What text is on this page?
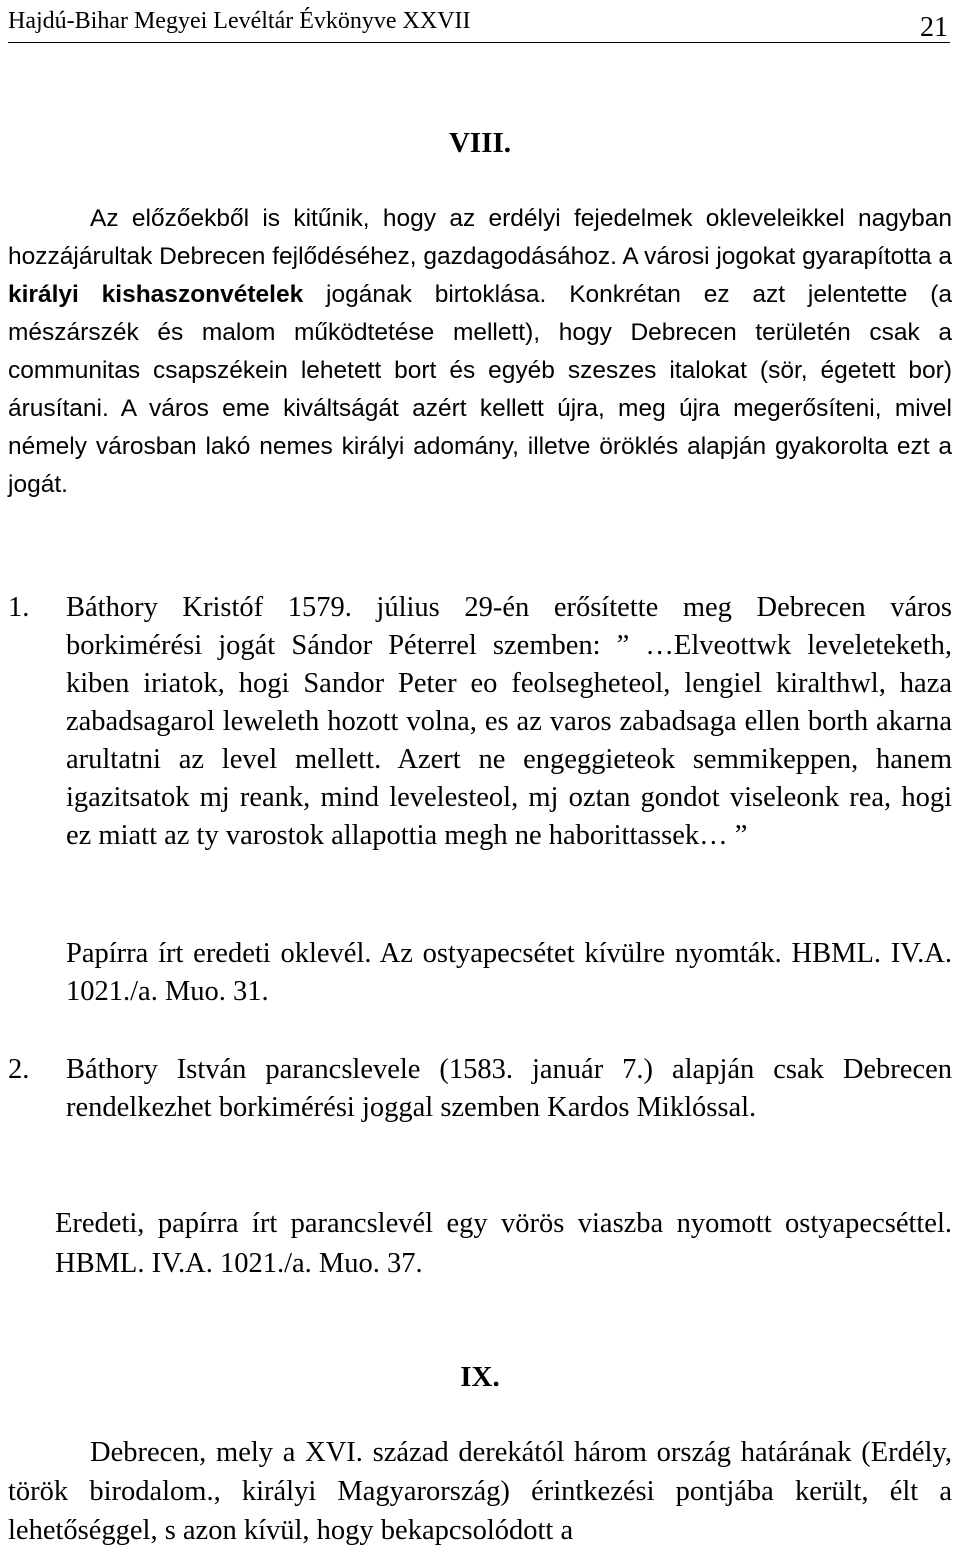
Hajdú-Bihar Megyei Levéltár Évkönyve XXVII	21
VIII.
Az előzőekből is kitűnik, hogy az erdélyi fejedelmek okleveleikkel nagyban hozzájárultak Debrecen fejlődéséhez, gazdagodásához. A városi jogokat gyarapította a királyi kishaszonvételek jogának birtoklása. Konkrétan ez azt jelentette (a mészárszék és malom működtetése mellett), hogy Debrecen területén csak a communitas csapszékein lehetett bort és egyéb szeszes italokat (sör, égetett bor) árusítani. A város eme kiváltságát azért kellett újra, meg újra megerősíteni, mivel némely városban lakó nemes királyi adomány, illetve öröklés alapján gyakorolta ezt a jogát.
1. Báthory Kristóf 1579. július 29-én erősítette meg Debrecen város borkimérési jogát Sándor Péterrel szemben: ” …Elveottwk leveleteketh, kiben iriatok, hogi Sandor Peter eo feolsegheteol, lengiel kiralthwl, haza zabadsagarol leweleth hozott volna, es az varos zabadsaga ellen borth akarna arultatni az level mellett. Azert ne engeggieteok semmikeppen, hanem igazitsatok mj reank, mind levelesteol, mj oztan gondot viseleonk rea, hogi ez miatt az ty varostok allapottia megh ne haborittassek… ”
Papírra írt eredeti oklevél. Az ostyapecsétet kívülre nyomták. HBML. IV.A. 1021./a. Muo. 31.
2. Báthory István parancslevele (1583. január 7.) alapján csak Debrecen rendelkezhet borkimérési joggal szemben Kardos Miklóssal.
Eredeti, papírra írt parancslevél egy vörös viaszba nyomott ostyapecséttel. HBML. IV.A. 1021./a. Muo. 37.
IX.
Debrecen, mely a XVI. század derekától három ország határának (Erdély, török birodalom., királyi Magyarország) érintkezési pontjába került, élt a lehetőséggel, s azon kívül, hogy bekapcsolódott a
